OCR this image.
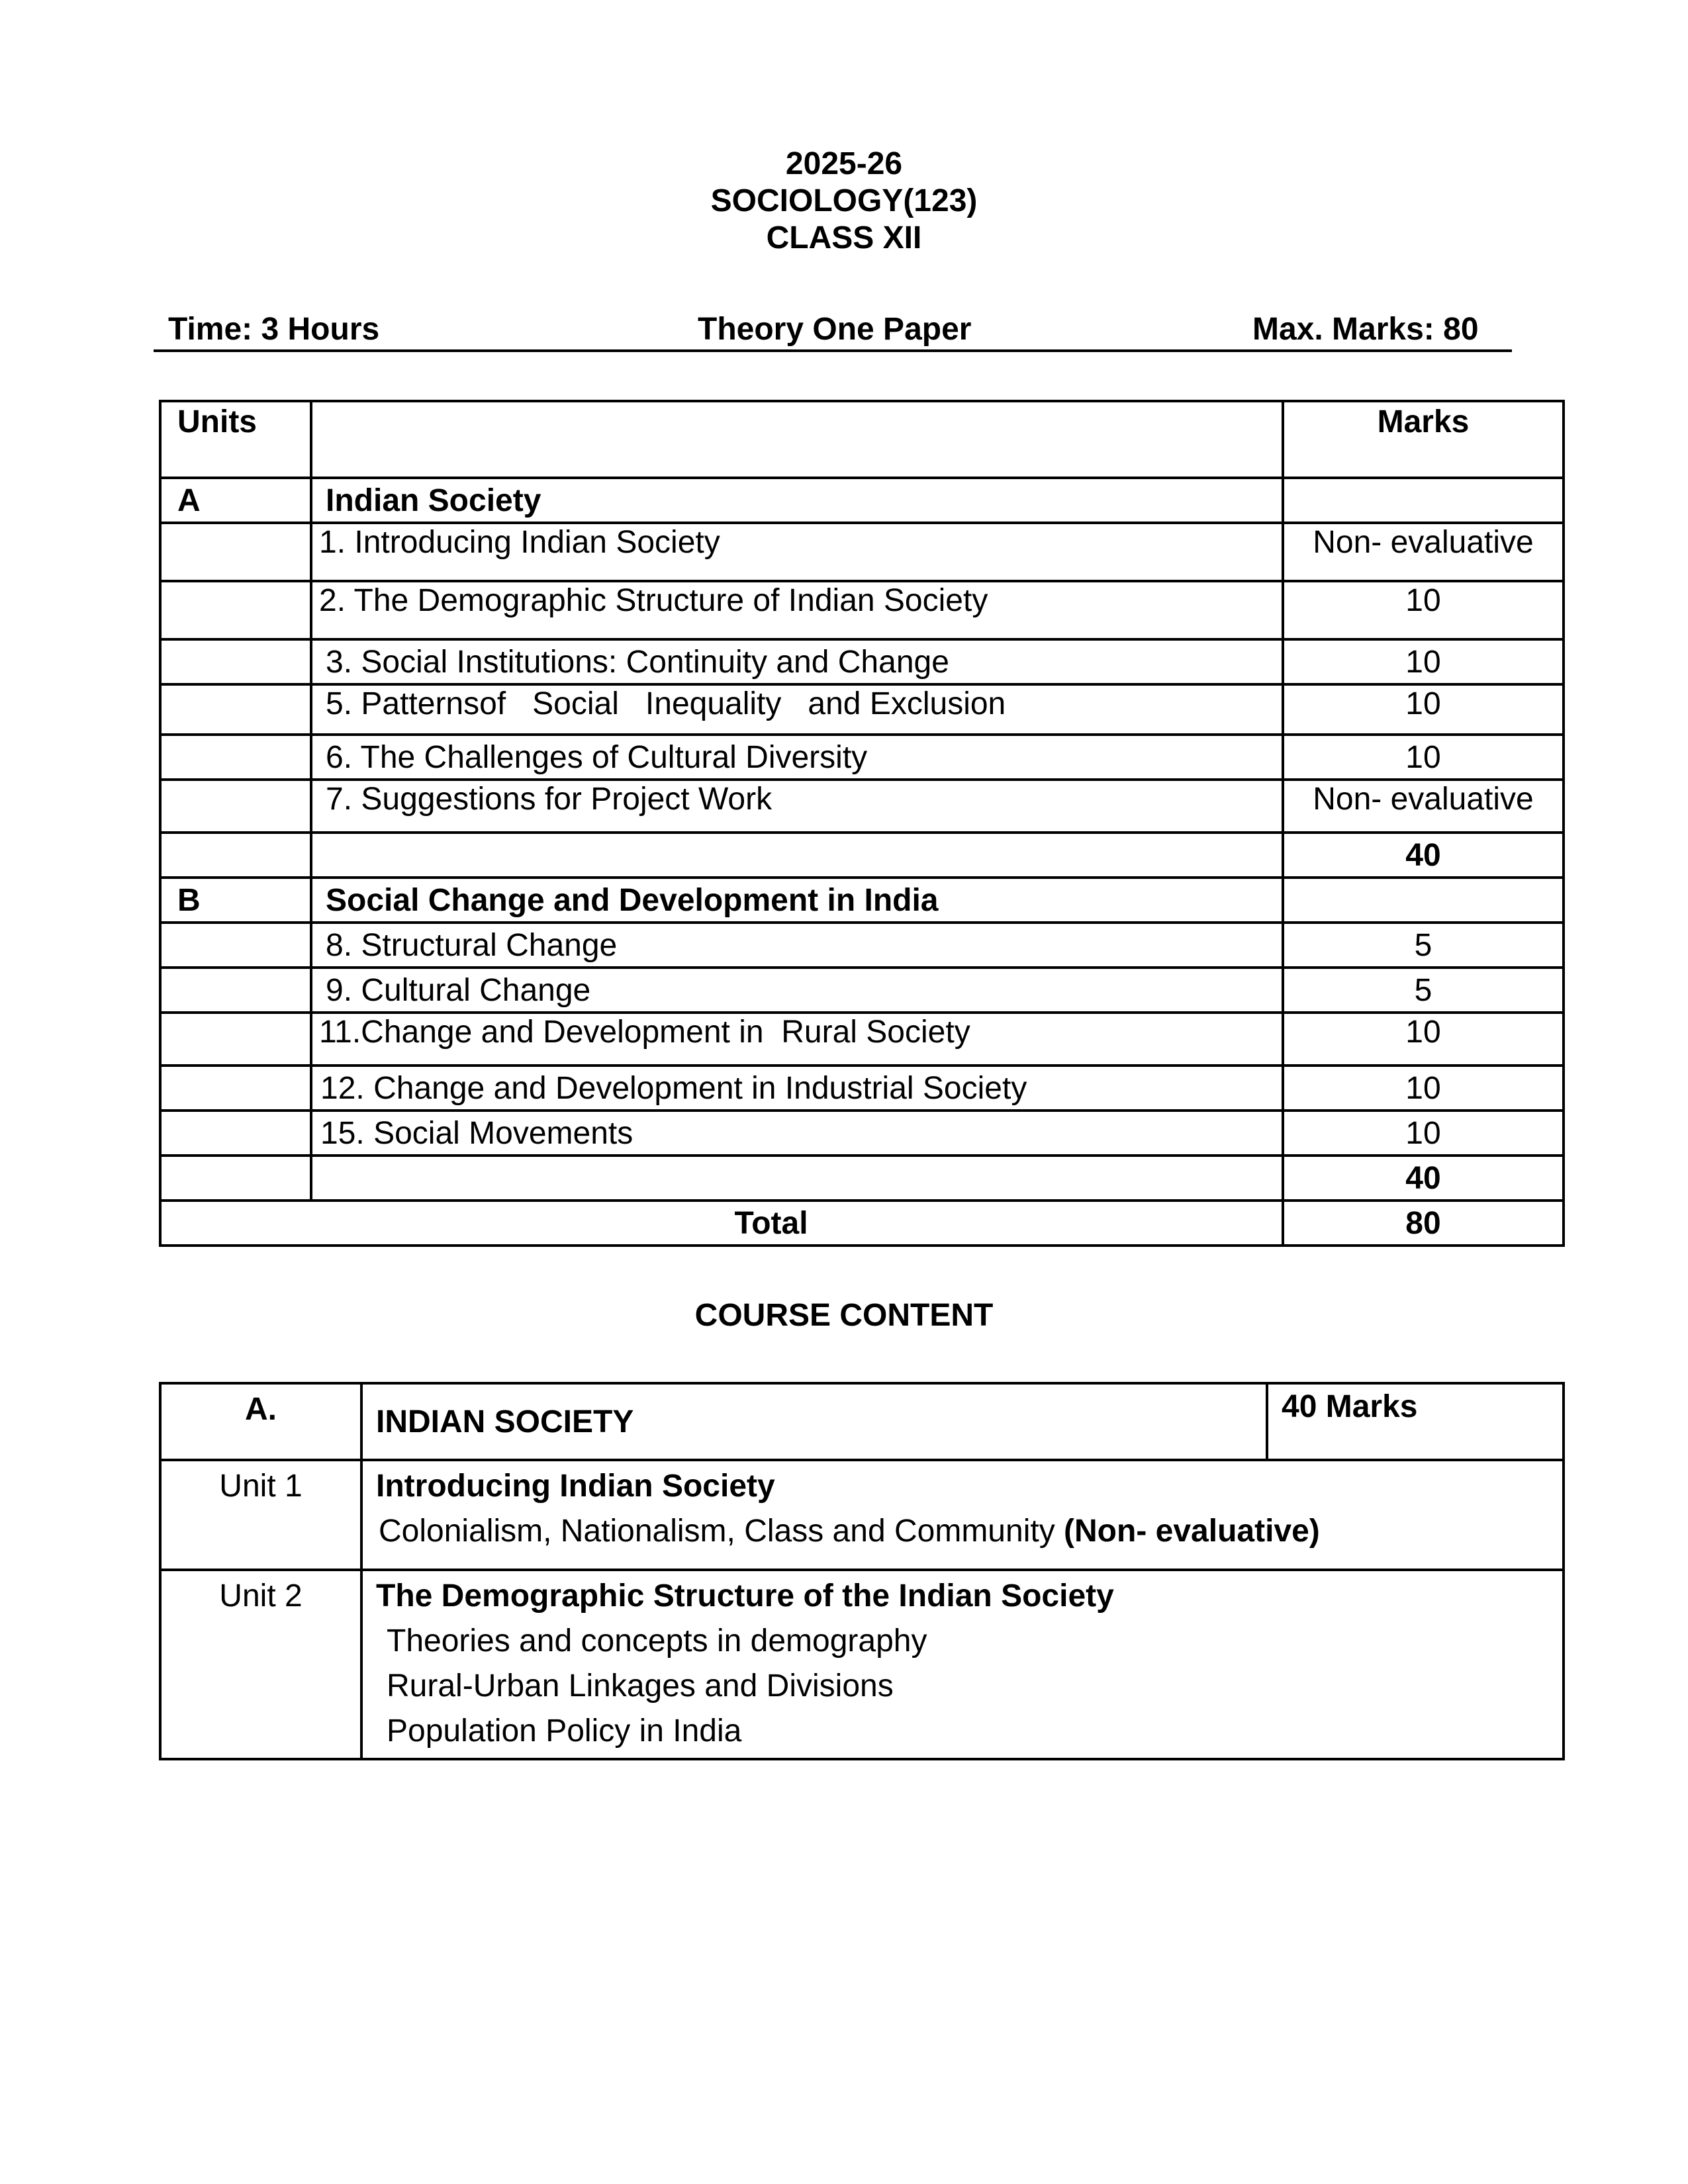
2025-26
SOCIOLOGY(123)
CLASS XII
Time: 3 Hours	Theory One Paper	Max. Marks: 80
Units		Marks
A	Indian Society	
	1. Introducing Indian Society	Non- evaluative
	2. The Demographic Structure of Indian Society	10
	3. Social Institutions: Continuity and Change	10
	5. Patternsof   Social   Inequality   and Exclusion	10
	6. The Challenges of Cultural Diversity	10
	7. Suggestions for Project Work	Non- evaluative
		40
B	Social Change and Development in India	
	8. Structural Change	5
	9. Cultural Change	5
	11.Change and Development in  Rural Society	10
	12. Change and Development in Industrial Society	10
	15. Social Movements	10
		40
Total		80
COURSE CONTENT
A.	INDIAN SOCIETY	40 Marks
Unit 1	Introducing Indian Society
Colonialism, Nationalism, Class and Community (Non- evaluative)	

Unit 2	The Demographic Structure of the Indian Society
Theories and concepts in demography
Rural-Urban Linkages and Divisions
Population Policy in India	
